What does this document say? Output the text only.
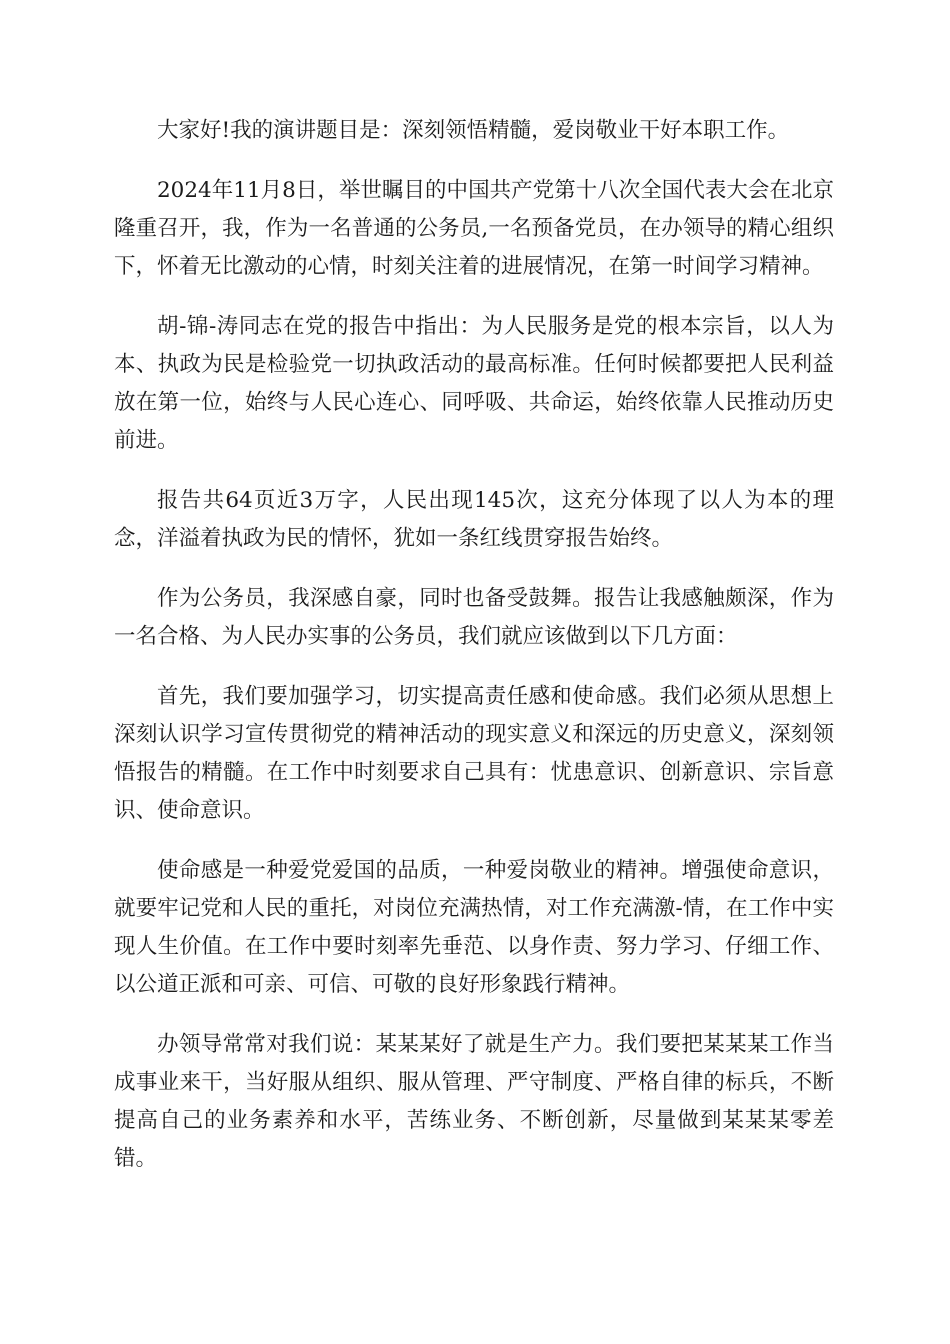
大家好!我的演讲题目是：深刻领悟精髓，爱岗敬业干好本职工作。

2024年11月8日，举世瞩目的中国共产党第十八次全国代表大会在北京隆重召开，我，作为一名普通的公务员,一名预备党员，在办领导的精心组织下，怀着无比激动的心情，时刻关注着的进展情况，在第一时间学习精神。

胡-锦-涛同志在党的报告中指出：为人民服务是党的根本宗旨，以人为本、执政为民是检验党一切执政活动的最高标准。任何时候都要把人民利益放在第一位，始终与人民心连心、同呼吸、共命运，始终依靠人民推动历史前进。

报告共64页近3万字，人民出现145次，这充分体现了以人为本的理念，洋溢着执政为民的情怀，犹如一条红线贯穿报告始终。

作为公务员，我深感自豪，同时也备受鼓舞。报告让我感触颇深，作为一名合格、为人民办实事的公务员，我们就应该做到以下几方面：

首先，我们要加强学习，切实提高责任感和使命感。我们必须从思想上深刻认识学习宣传贯彻党的精神活动的现实意义和深远的历史意义，深刻领悟报告的精髓。在工作中时刻要求自己具有：忧患意识、创新意识、宗旨意识、使命意识。

使命感是一种爱党爱国的品质，一种爱岗敬业的精神。增强使命意识，就要牢记党和人民的重托，对岗位充满热情，对工作充满激-情，在工作中实现人生价值。在工作中要时刻率先垂范、以身作责、努力学习、仔细工作、以公道正派和可亲、可信、可敬的良好形象践行精神。

办领导常常对我们说：某某某好了就是生产力。我们要把某某某工作当成事业来干，当好服从组织、服从管理、严守制度、严格自律的标兵，不断提高自己的业务素养和水平，苦练业务、不断创新，尽量做到某某某零差错。
